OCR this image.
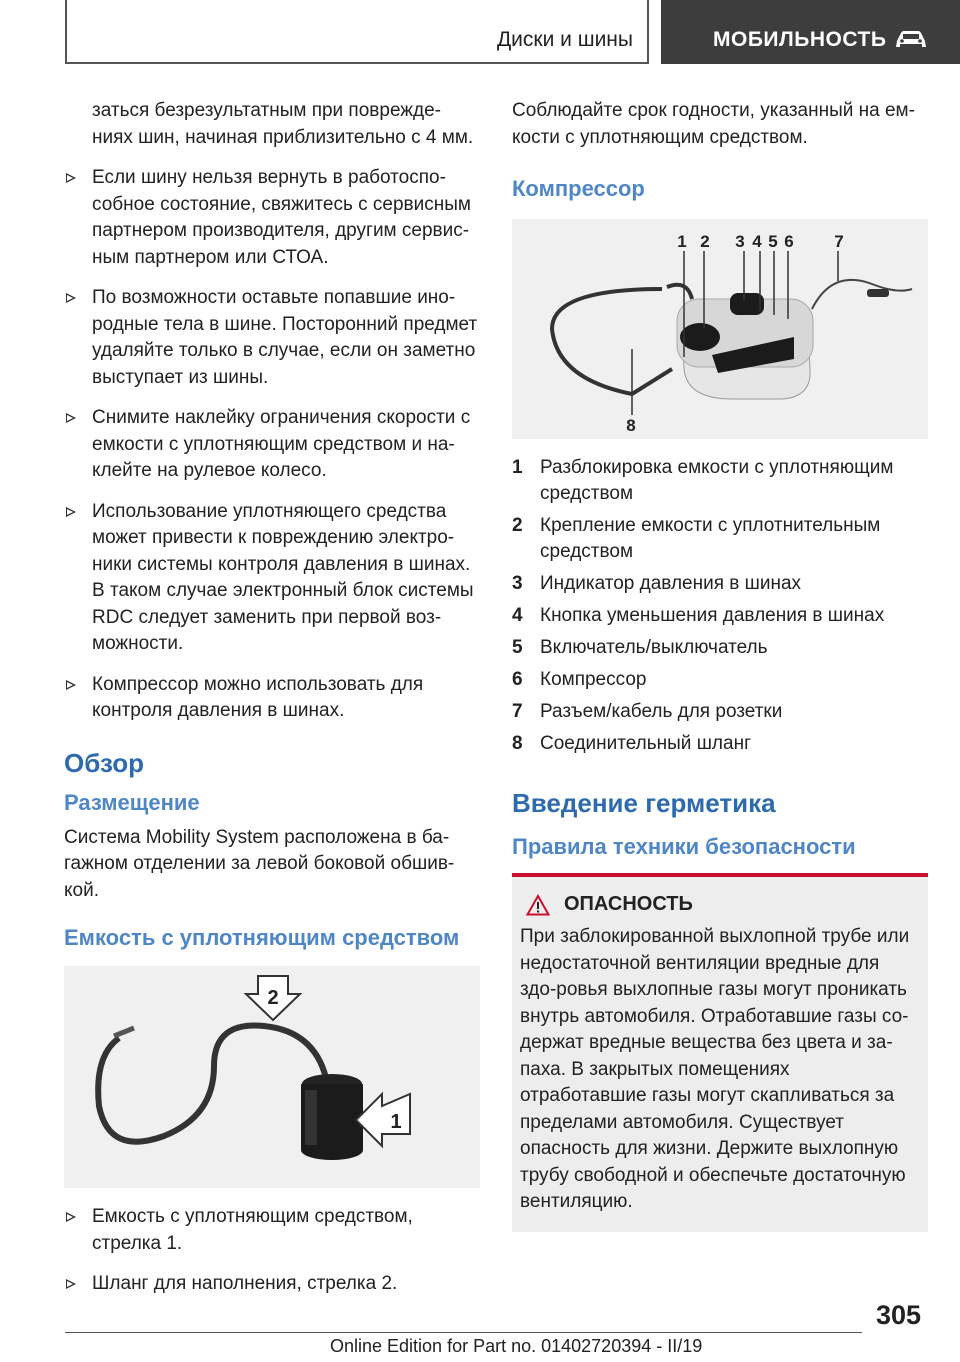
Диски и шины	МОБИЛЬНОСТЬ

заться безрезультатным при поврежде-ниях шин, начиная приблизительно с 4 мм.

Если шину нельзя вернуть в работоспо-собное состояние, свяжитесь с сервисным партнером производителя, другим сервис-ным партнером или СТОА.
По возможности оставьте попавшие ино-родные тела в шине. Посторонний предмет удаляйте только в случае, если он заметно выступает из шины.
Снимите наклейку ограничения скорости с емкости с уплотняющим средством и на-клейте на рулевое колесо.
Использование уплотняющего средства может привести к повреждению электро-ники системы контроля давления в шинах. В таком случае электронный блок системы RDC следует заменить при первой воз-можности.
Компрессор можно использовать для контроля давления в шинах.
Обзор
Размещение

Система Mobility System расположена в ба-гажном отделении за левой боковой обшив-кой.

Емкость с уплотняющим средством
2
1
Емкость с уплотняющим средством, стрелка 1.
Шланг для наполнения, стрелка 2.

Соблюдайте срок годности, указанный на ем-кости с уплотняющим средством.

Компрессор
1 2 3 4 5 6 7
8
1 Разблокировка емкости с уплотняющим средством
2 Крепление емкости с уплотнительным средством
3 Индикатор давления в шинах
4 Кнопка уменьшения давления в шинах
5 Включатель/выключатель
6 Компрессор
7 Разъем/кабель для розетки
8 Соединительный шланг
Введение герметика
Правила техники безопасности
ОПАСНОСТЬ

При заблокированной выхлопной трубе или недостаточной вентиляции вредные для здо-ровья выхлопные газы могут проникать внутрь автомобиля. Отработавшие газы со-держат вредные вещества без цвета и за-паха. В закрытых помещениях отработавшие газы могут скапливаться за пределами автомобиля. Существует опасность для жизни. Держите выхлопную трубу свободной и обеспечьте достаточную вентиляцию.

305
Online Edition for Part no. 01402720394 - II/19
